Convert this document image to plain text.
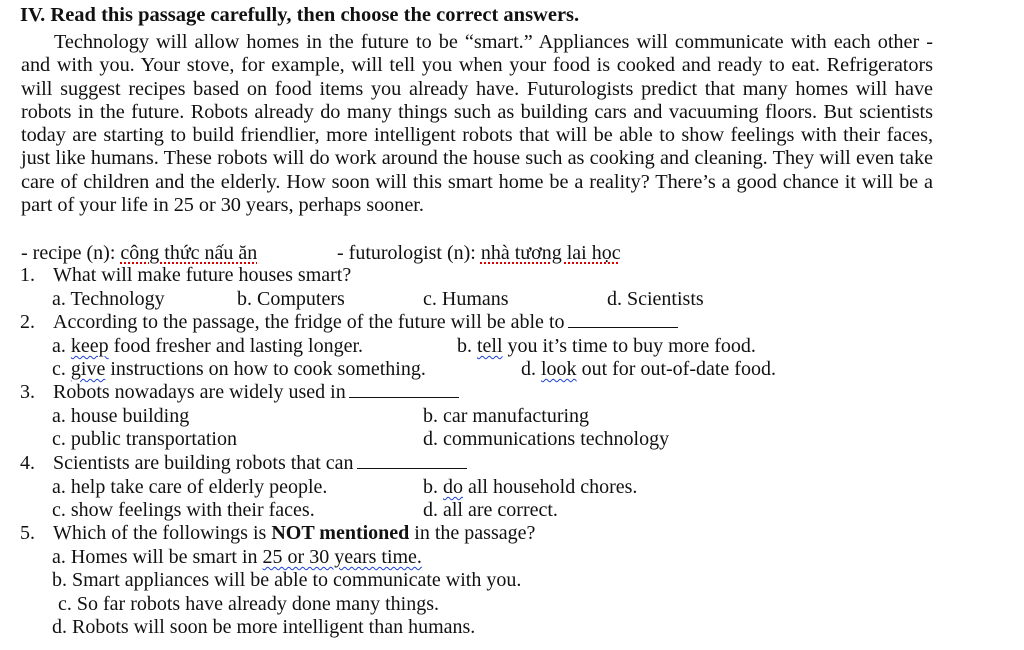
IV. Read this passage carefully, then choose the correct answers.
Technology will allow homes in the future to be “smart.” Appliances will communicate with each other - and with you. Your stove, for example, will tell you when your food is cooked and ready to eat. Refrigerators will suggest recipes based on food items you already have. Futurologists predict that many homes will have robots in the future. Robots already do many things such as building cars and vacuuming floors. But scientists today are starting to build friendlier, more intelligent robots that will be able to show feelings with their faces, just like humans. These robots will do work around the house such as cooking and cleaning. They will even take care of children and the elderly. How soon will this smart home be a reality? There’s a good chance it will be a part of your life in 25 or 30 years, perhaps sooner.
- recipe (n): công thức nấu ăn	- futurologist (n): nhà tương lai học
1. What will make future houses smart?
a. Technology	b. Computers	c. Humans	d. Scientists
2. According to the passage, the fridge of the future will be able to
a. keep food fresher and lasting longer.	b. tell you it’s time to buy more food.
c. give instructions on how to cook something.	d. look out for out-of-date food.
3. Robots nowadays are widely used in
a. house building	b. car manufacturing
c. public transportation	d. communications technology
4. Scientists are building robots that can
a. help take care of elderly people.	b. do all household chores.
c. show feelings with their faces.	d. all are correct.
5. Which of the followings is NOT mentioned in the passage?
a. Homes will be smart in 25 or 30 years time.
b. Smart appliances will be able to communicate with you.
c. So far robots have already done many things.
d. Robots will soon be more intelligent than humans.
